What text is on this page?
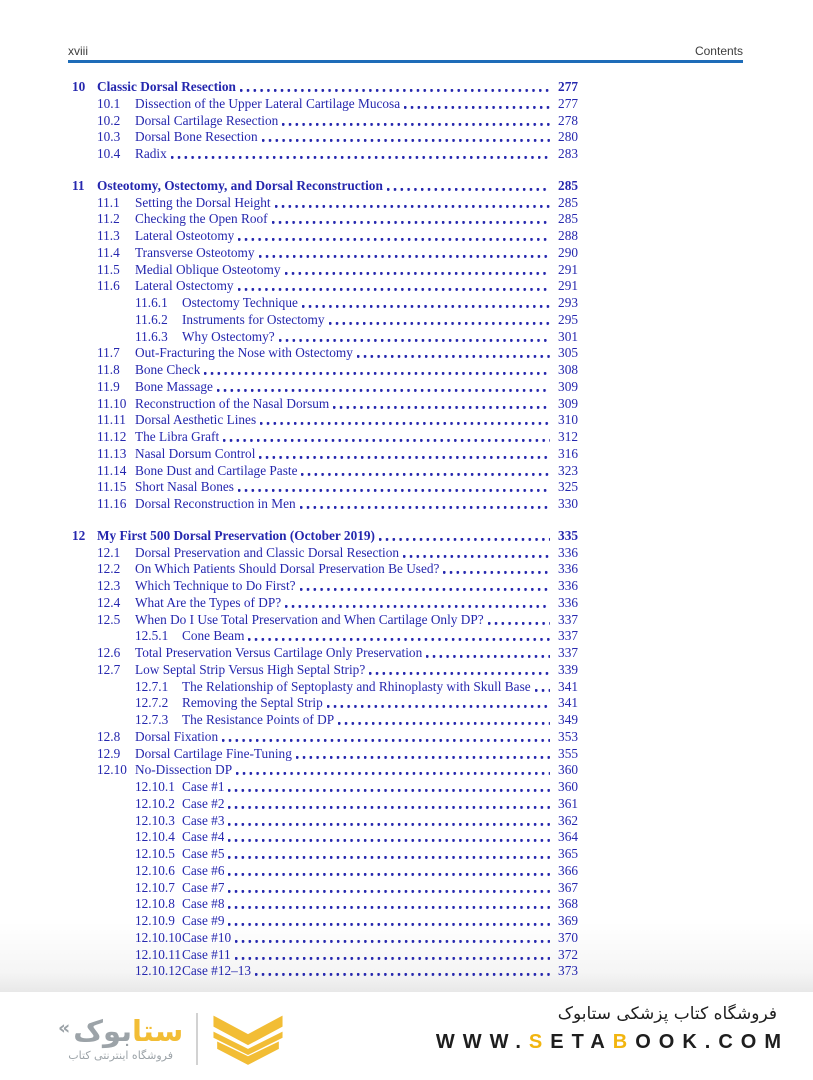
xviii	Contents
10 Classic Dorsal Resection	277
10.1	Dissection of the Upper Lateral Cartilage Mucosa	277
10.2	Dorsal Cartilage Resection	278
10.3	Dorsal Bone Resection	280
10.4	Radix	283
11 Osteotomy, Ostectomy, and Dorsal Reconstruction	285
11.1	Setting the Dorsal Height	285
11.2	Checking the Open Roof	285
11.3	Lateral Osteotomy	288
11.4	Transverse Osteotomy	290
11.5	Medial Oblique Osteotomy	291
11.6	Lateral Ostectomy	291
11.6.1	Ostectomy Technique	293
11.6.2	Instruments for Ostectomy	295
11.6.3	Why Ostectomy?	301
11.7	Out-Fracturing the Nose with Ostectomy	305
11.8	Bone Check	308
11.9	Bone Massage	309
11.10 Reconstruction of the Nasal Dorsum	309
11.11 Dorsal Aesthetic Lines	310
11.12 The Libra Graft	312
11.13 Nasal Dorsum Control	316
11.14 Bone Dust and Cartilage Paste	323
11.15 Short Nasal Bones	325
11.16 Dorsal Reconstruction in Men	330
12 My First 500 Dorsal Preservation (October 2019)	335
12.1	Dorsal Preservation and Classic Dorsal Resection	336
12.2	On Which Patients Should Dorsal Preservation Be Used?	336
12.3	Which Technique to Do First?	336
12.4	What Are the Types of DP?	336
12.5	When Do I Use Total Preservation and When Cartilage Only DP?	337
12.5.1	Cone Beam	337
12.6	Total Preservation Versus Cartilage Only Preservation	337
12.7	Low Septal Strip Versus High Septal Strip?	339
12.7.1	The Relationship of Septoplasty and Rhinoplasty with Skull Base	341
12.7.2	Removing the Septal Strip	341
12.7.3	The Resistance Points of DP	349
12.8	Dorsal Fixation	353
12.9	Dorsal Cartilage Fine-Tuning	355
12.10 No-Dissection DP	360
12.10.1 Case #1	360
12.10.2 Case #2	361
12.10.3 Case #3	362
12.10.4 Case #4	364
12.10.5 Case #5	365
12.10.6 Case #6	366
12.10.7 Case #7	367
12.10.8 Case #8	368
12.10.9 Case #9	369
12.10.10 Case #10	370
12.10.11 Case #11	372
12.10.12 Case #12–13	373
«	ستابوک
فروشگاه اینترنتی کتاب
فروشگاه کتاب پزشکی ستابوک
WWW.SETABOOK.COM
